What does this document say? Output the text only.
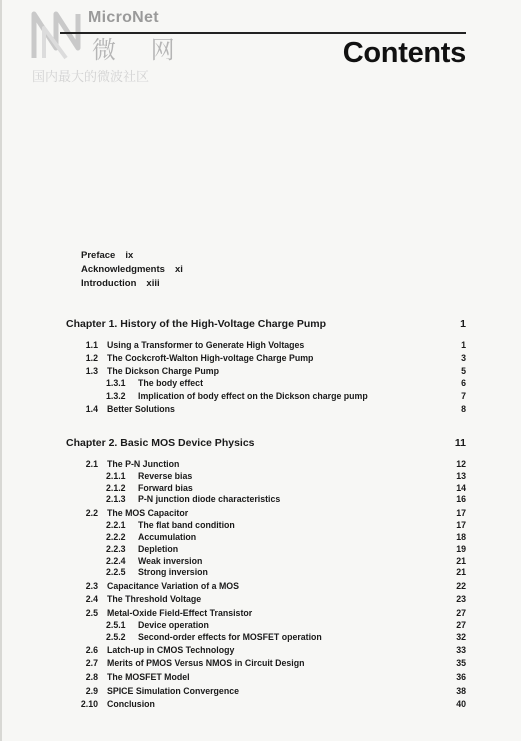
MicroNet
微 网
国内最大的微波社区
Contents
Preface ix
Acknowledgments xi
Introduction xiii
Chapter 1. History of the High-Voltage Charge Pump	1
1.1 Using a Transformer to Generate High Voltages	1
1.2 The Cockcroft-Walton High-voltage Charge Pump	3
1.3 The Dickson Charge Pump	5
1.3.1 The body effect	6
1.3.2 Implication of body effect on the Dickson charge pump	7
1.4 Better Solutions	8
Chapter 2. Basic MOS Device Physics	11
2.1 The P-N Junction	12
2.1.1 Reverse bias	13
2.1.2 Forward bias	14
2.1.3 P-N junction diode characteristics	16
2.2 The MOS Capacitor	17
2.2.1 The flat band condition	17
2.2.2 Accumulation	18
2.2.3 Depletion	19
2.2.4 Weak inversion	21
2.2.5 Strong inversion	21
2.3 Capacitance Variation of a MOS	22
2.4 The Threshold Voltage	23
2.5 Metal-Oxide Field-Effect Transistor	27
2.5.1 Device operation	27
2.5.2 Second-order effects for MOSFET operation	32
2.6 Latch-up in CMOS Technology	33
2.7 Merits of PMOS Versus NMOS in Circuit Design	35
2.8 The MOSFET Model	36
2.9 SPICE Simulation Convergence	38
2.10 Conclusion	40
